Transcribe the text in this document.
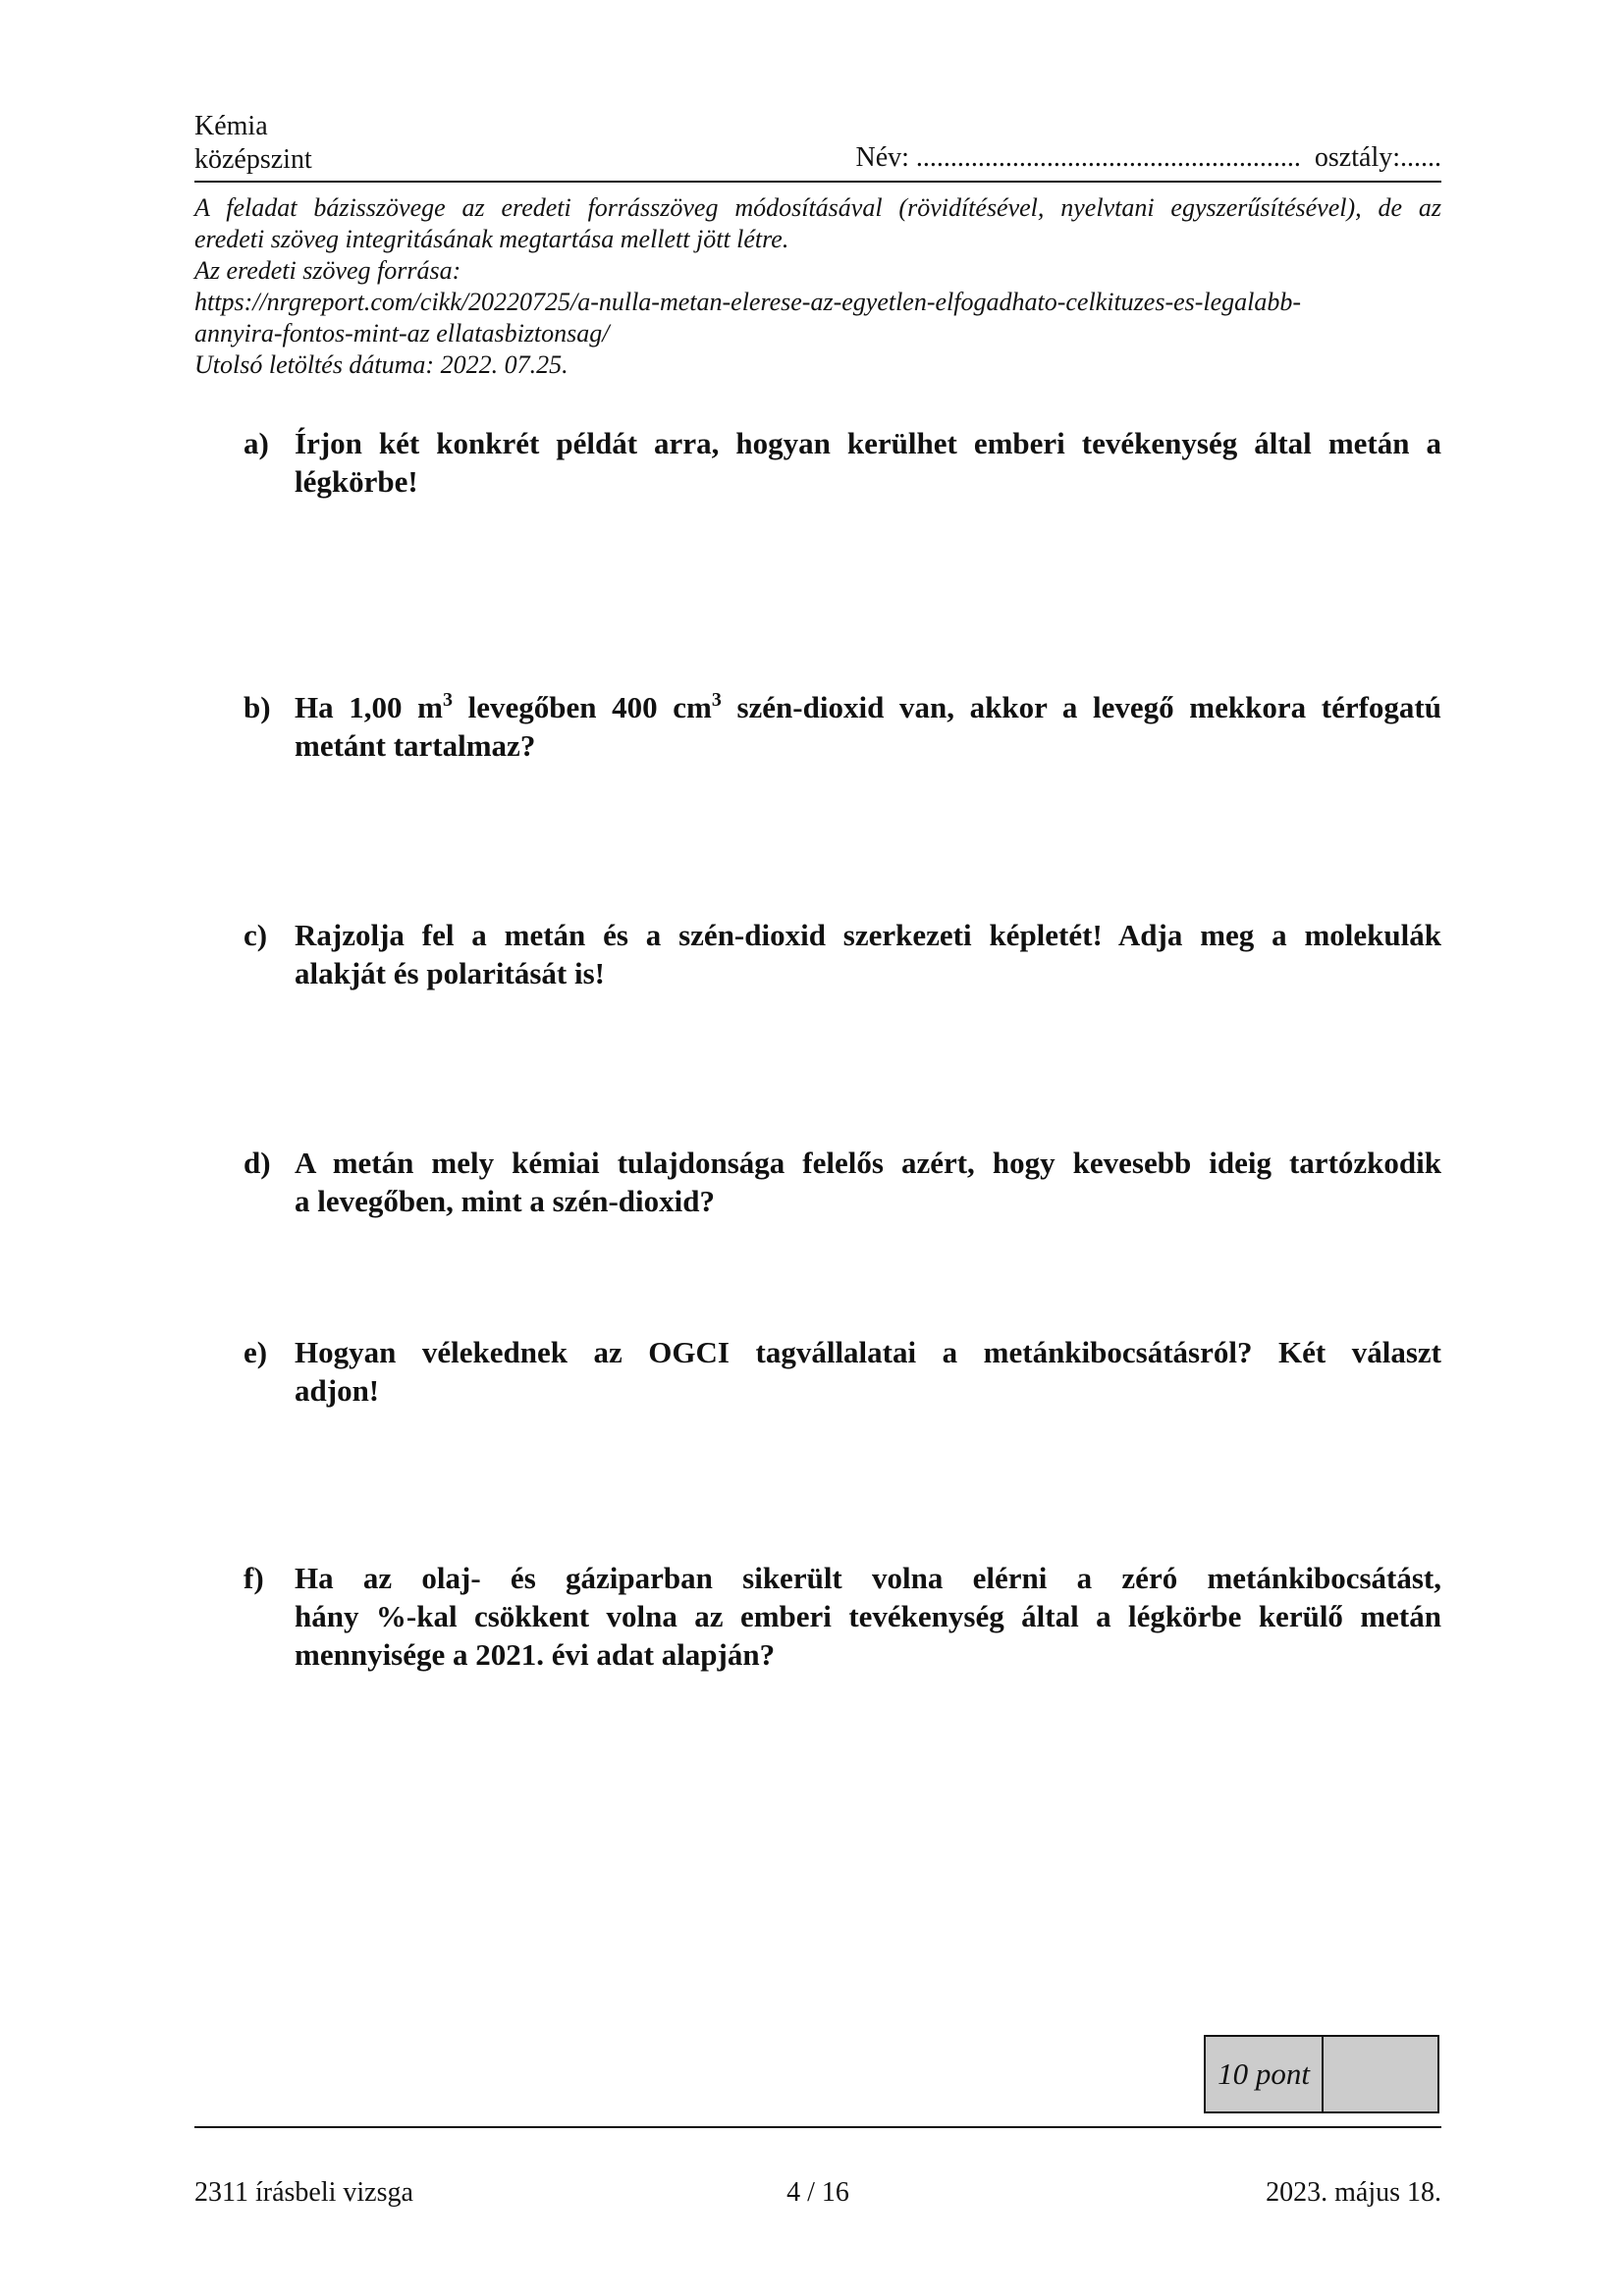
Kémia
középszint	Név: ........................................................  osztály:......
A feladat bázisszövege az eredeti forrásszöveg módosításával (rövidítésével, nyelvtani egyszerűsítésével), de az
eredeti szöveg integritásának megtartása mellett jött létre.
Az eredeti szöveg forrása:
https://nrgreport.com/cikk/20220725/a-nulla-metan-elerese-az-egyetlen-elfogadhato-celkituzes-es-legalabb-
annyira-fontos-mint-az ellatasbiztonsag/
Utolsó letöltés dátuma: 2022. 07.25.
a) Írjon két konkrét példát arra, hogyan kerülhet emberi tevékenység által metán a
légkörbe!
b) Ha 1,00 $m^3$ levegőben 400 $cm^3$ szén-dioxid van, akkor a levegő mekkora térfogatú
metánt tartalmaz?
c) Rajzolja fel a metán és a szén-dioxid szerkezeti képletét! Adja meg a molekulák
alakját és polaritását is!
d) A metán mely kémiai tulajdonsága felelős azért, hogy kevesebb ideig tartózkodik
a levegőben, mint a szén-dioxid?
e) Hogyan vélekednek az OGCI tagvállalatai a metánkibocsátásról? Két választ
adjon!
f) Ha az olaj- és gáziparban sikerült volna elérni a zéró metánkibocsátást,
hány %-kal csökkent volna az emberi tevékenység által a légkörbe kerülő metán
mennyisége a 2021. évi adat alapján?
10 pont
2311 írásbeli vizsga	4 / 16	2023. május 18.
